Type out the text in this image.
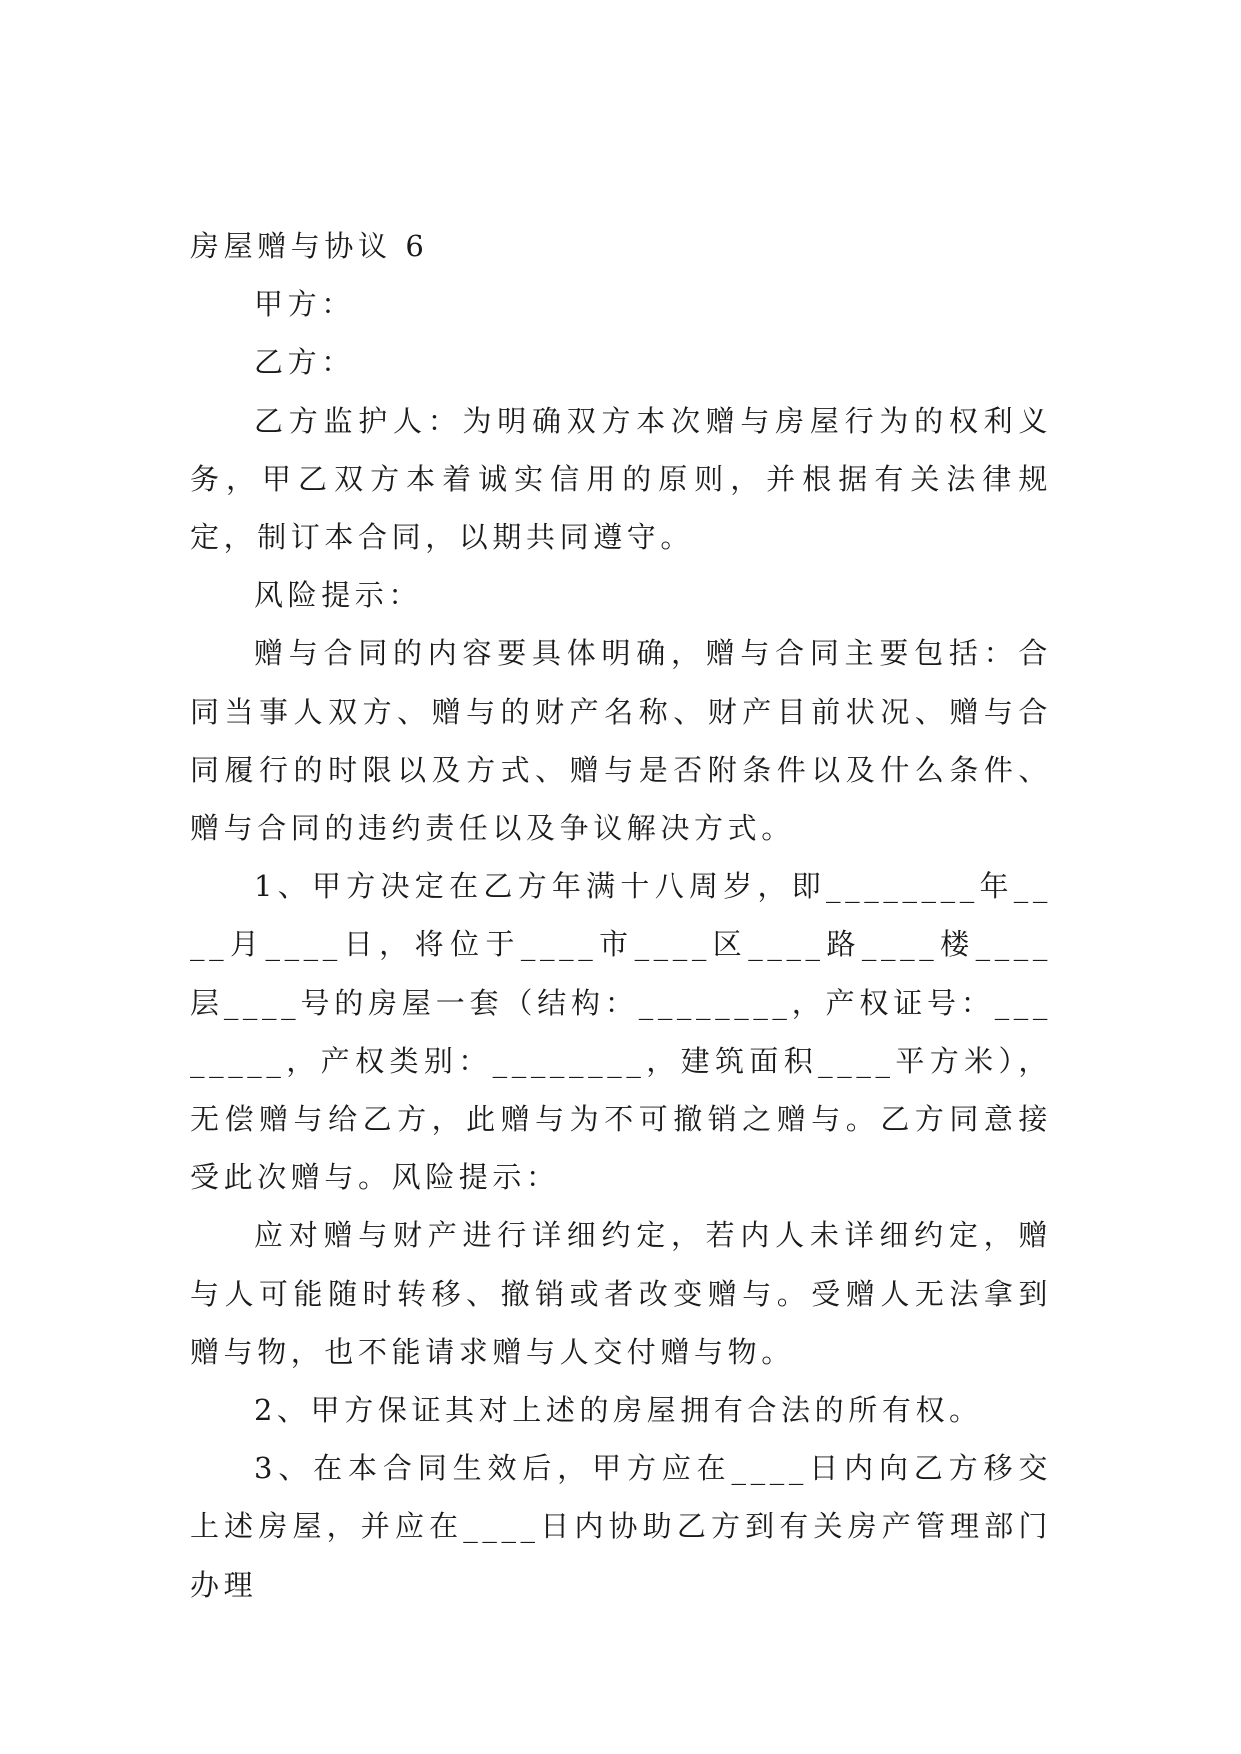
房屋赠与协议 6

甲方：

乙方：

乙方监护人：为明确双方本次赠与房屋行为的权利义务，甲乙双方本着诚实信用的原则，并根据有关法律规定，制订本合同，以期共同遵守。

风险提示：

赠与合同的内容要具体明确，赠与合同主要包括：合同当事人双方、赠与的财产名称、财产目前状况、赠与合同履行的时限以及方式、赠与是否附条件以及什么条件、赠与合同的违约责任以及争议解决方式。

1、甲方决定在乙方年满十八周岁，即________年____月____日，将位于____市____区____路____楼____层____号的房屋一套（结构：________，产权证号：________，产权类别：________，建筑面积____平方米），无偿赠与给乙方，此赠与为不可撤销之赠与。乙方同意接受此次赠与。风险提示：

应对赠与财产进行详细约定，若内人未详细约定，赠与人可能随时转移、撤销或者改变赠与。受赠人无法拿到赠与物，也不能请求赠与人交付赠与物。

2、甲方保证其对上述的房屋拥有合法的所有权。

3、在本合同生效后，甲方应在____日内向乙方移交上述房屋，并应在____日内协助乙方到有关房产管理部门办理
